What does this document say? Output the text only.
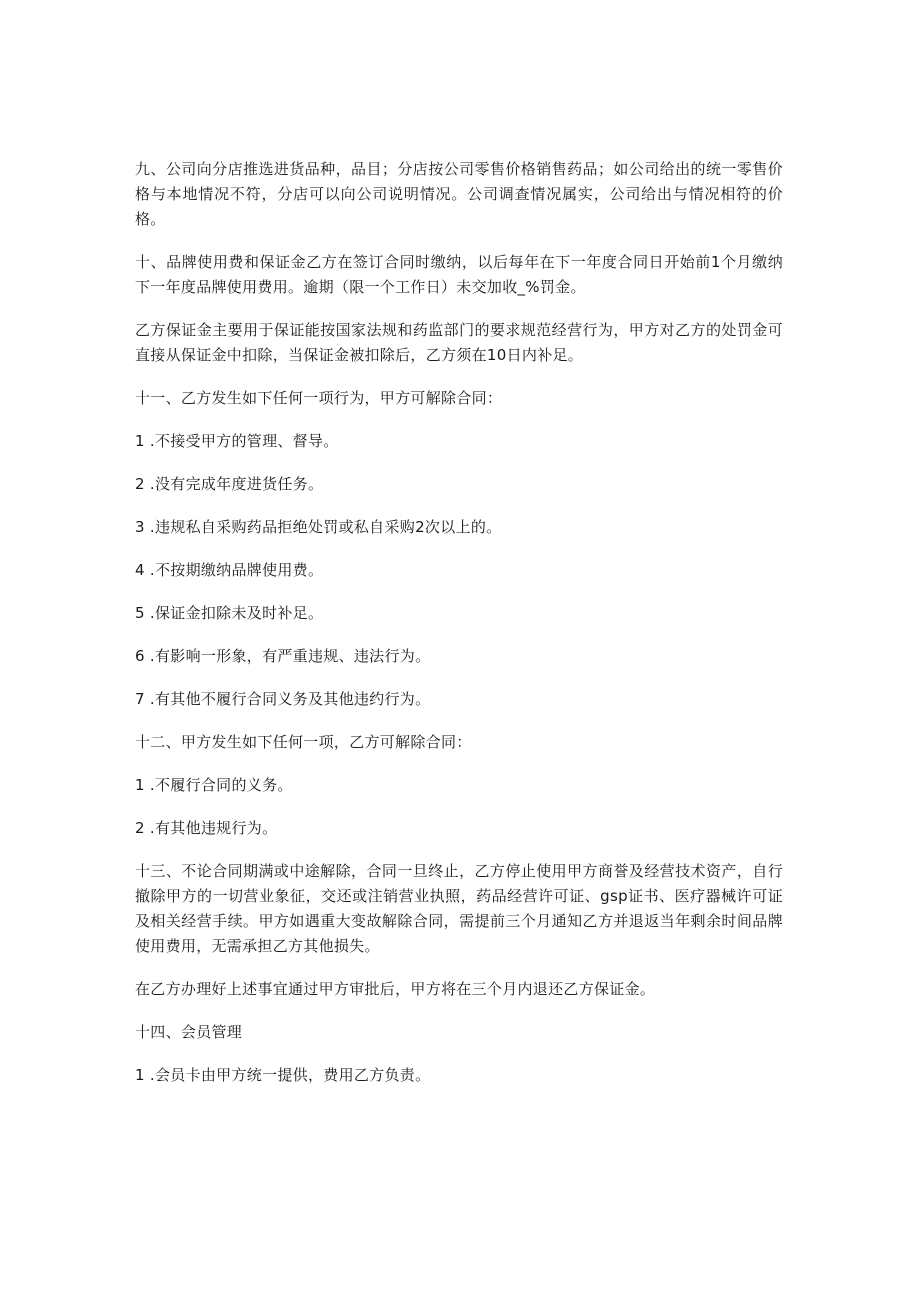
九、公司向分店推选进货品种，品目；分店按公司零售价格销售药品；如公司给出的统一零售价格与本地情况不符，分店可以向公司说明情况。公司调查情况属实，公司给出与情况相符的价格。

十、品牌使用费和保证金乙方在签订合同时缴纳，以后每年在下一年度合同日开始前1个月缴纳下一年度品牌使用费用。逾期（限一个工作日）未交加收_%罚金。

乙方保证金主要用于保证能按国家法规和药监部门的要求规范经营行为，甲方对乙方的处罚金可直接从保证金中扣除，当保证金被扣除后，乙方须在10日内补足。

十一、乙方发生如下任何一项行为，甲方可解除合同：

1 .不接受甲方的管理、督导。

2 .没有完成年度进货任务。

3 .违规私自采购药品拒绝处罚或私自采购2次以上的。

4 .不按期缴纳品牌使用费。

5 .保证金扣除未及时补足。

6 .有影响一形象，有严重违规、违法行为。

7 .有其他不履行合同义务及其他违约行为。

十二、甲方发生如下任何一项，乙方可解除合同：

1 .不履行合同的义务。

2 .有其他违规行为。

十三、不论合同期满或中途解除，合同一旦终止，乙方停止使用甲方商誉及经营技术资产，自行撤除甲方的一切营业象征，交还或注销营业执照，药品经营许可证、gsp证书、医疗器械许可证及相关经营手续。甲方如遇重大变故解除合同，需提前三个月通知乙方并退返当年剩余时间品牌使用费用，无需承担乙方其他损失。

在乙方办理好上述事宜通过甲方审批后，甲方将在三个月内退还乙方保证金。

十四、会员管理

1 .会员卡由甲方统一提供，费用乙方负责。
